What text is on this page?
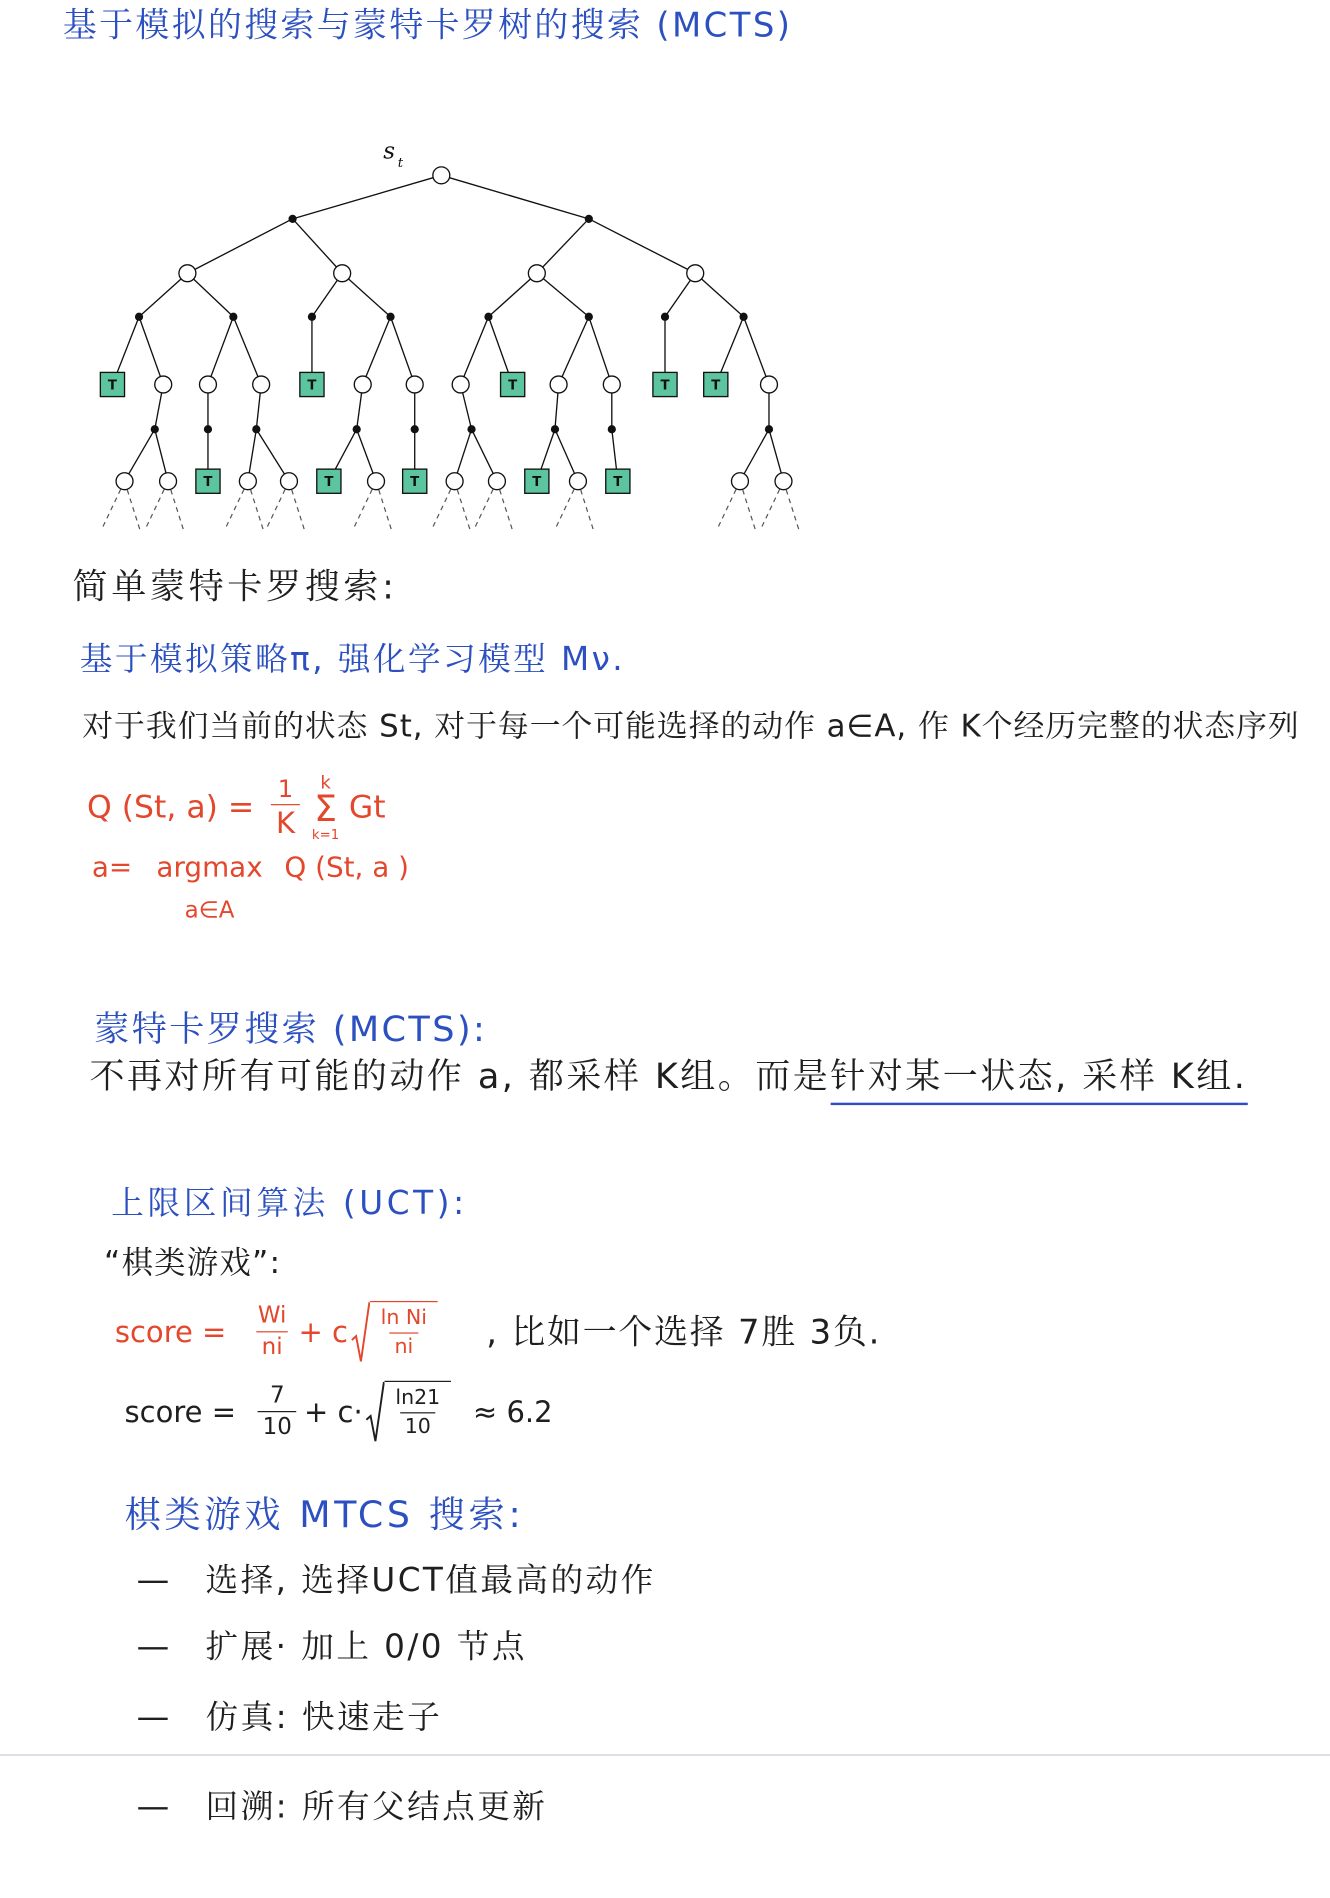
基于模拟的搜索与蒙特卡罗树的搜索 (MCTS)
T	T	T	T	T
T	T	T	T	T
s t
简单蒙特卡罗搜索:
基于模拟策略π, 强化学习模型 Mν.
对于我们当前的状态 St, 对于每一个可能选择的动作 a∈A, 作 K个经历完整的状态序列
Q (St, $a) = \frac{1}{K}$ k
Σ
k=1
Gt
a= argmax
a∈A
Q (St, a )
蒙特卡罗搜索 (MCTS):
不再对所有可能的动作 a, 都采样 K组。而是针对某一状态, 采样 K组.
上限区间算法 (UCT):
“棋类游戏”:
score = $\frac{Wi}{ni} + c \frac{\text{ln Ni}}{ni}$ , 比如一个选择 7胜 3负.
score = $\frac{7}{10} + c\cdot \frac{\ln 21}{10} \approx 6.2$
棋类游戏 MTCS 搜索:
—	选择, 选择UCT值最高的动作
—	扩展· 加上 0/0 节点
—	仿真: 快速走子
—	回溯: 所有父结点更新
